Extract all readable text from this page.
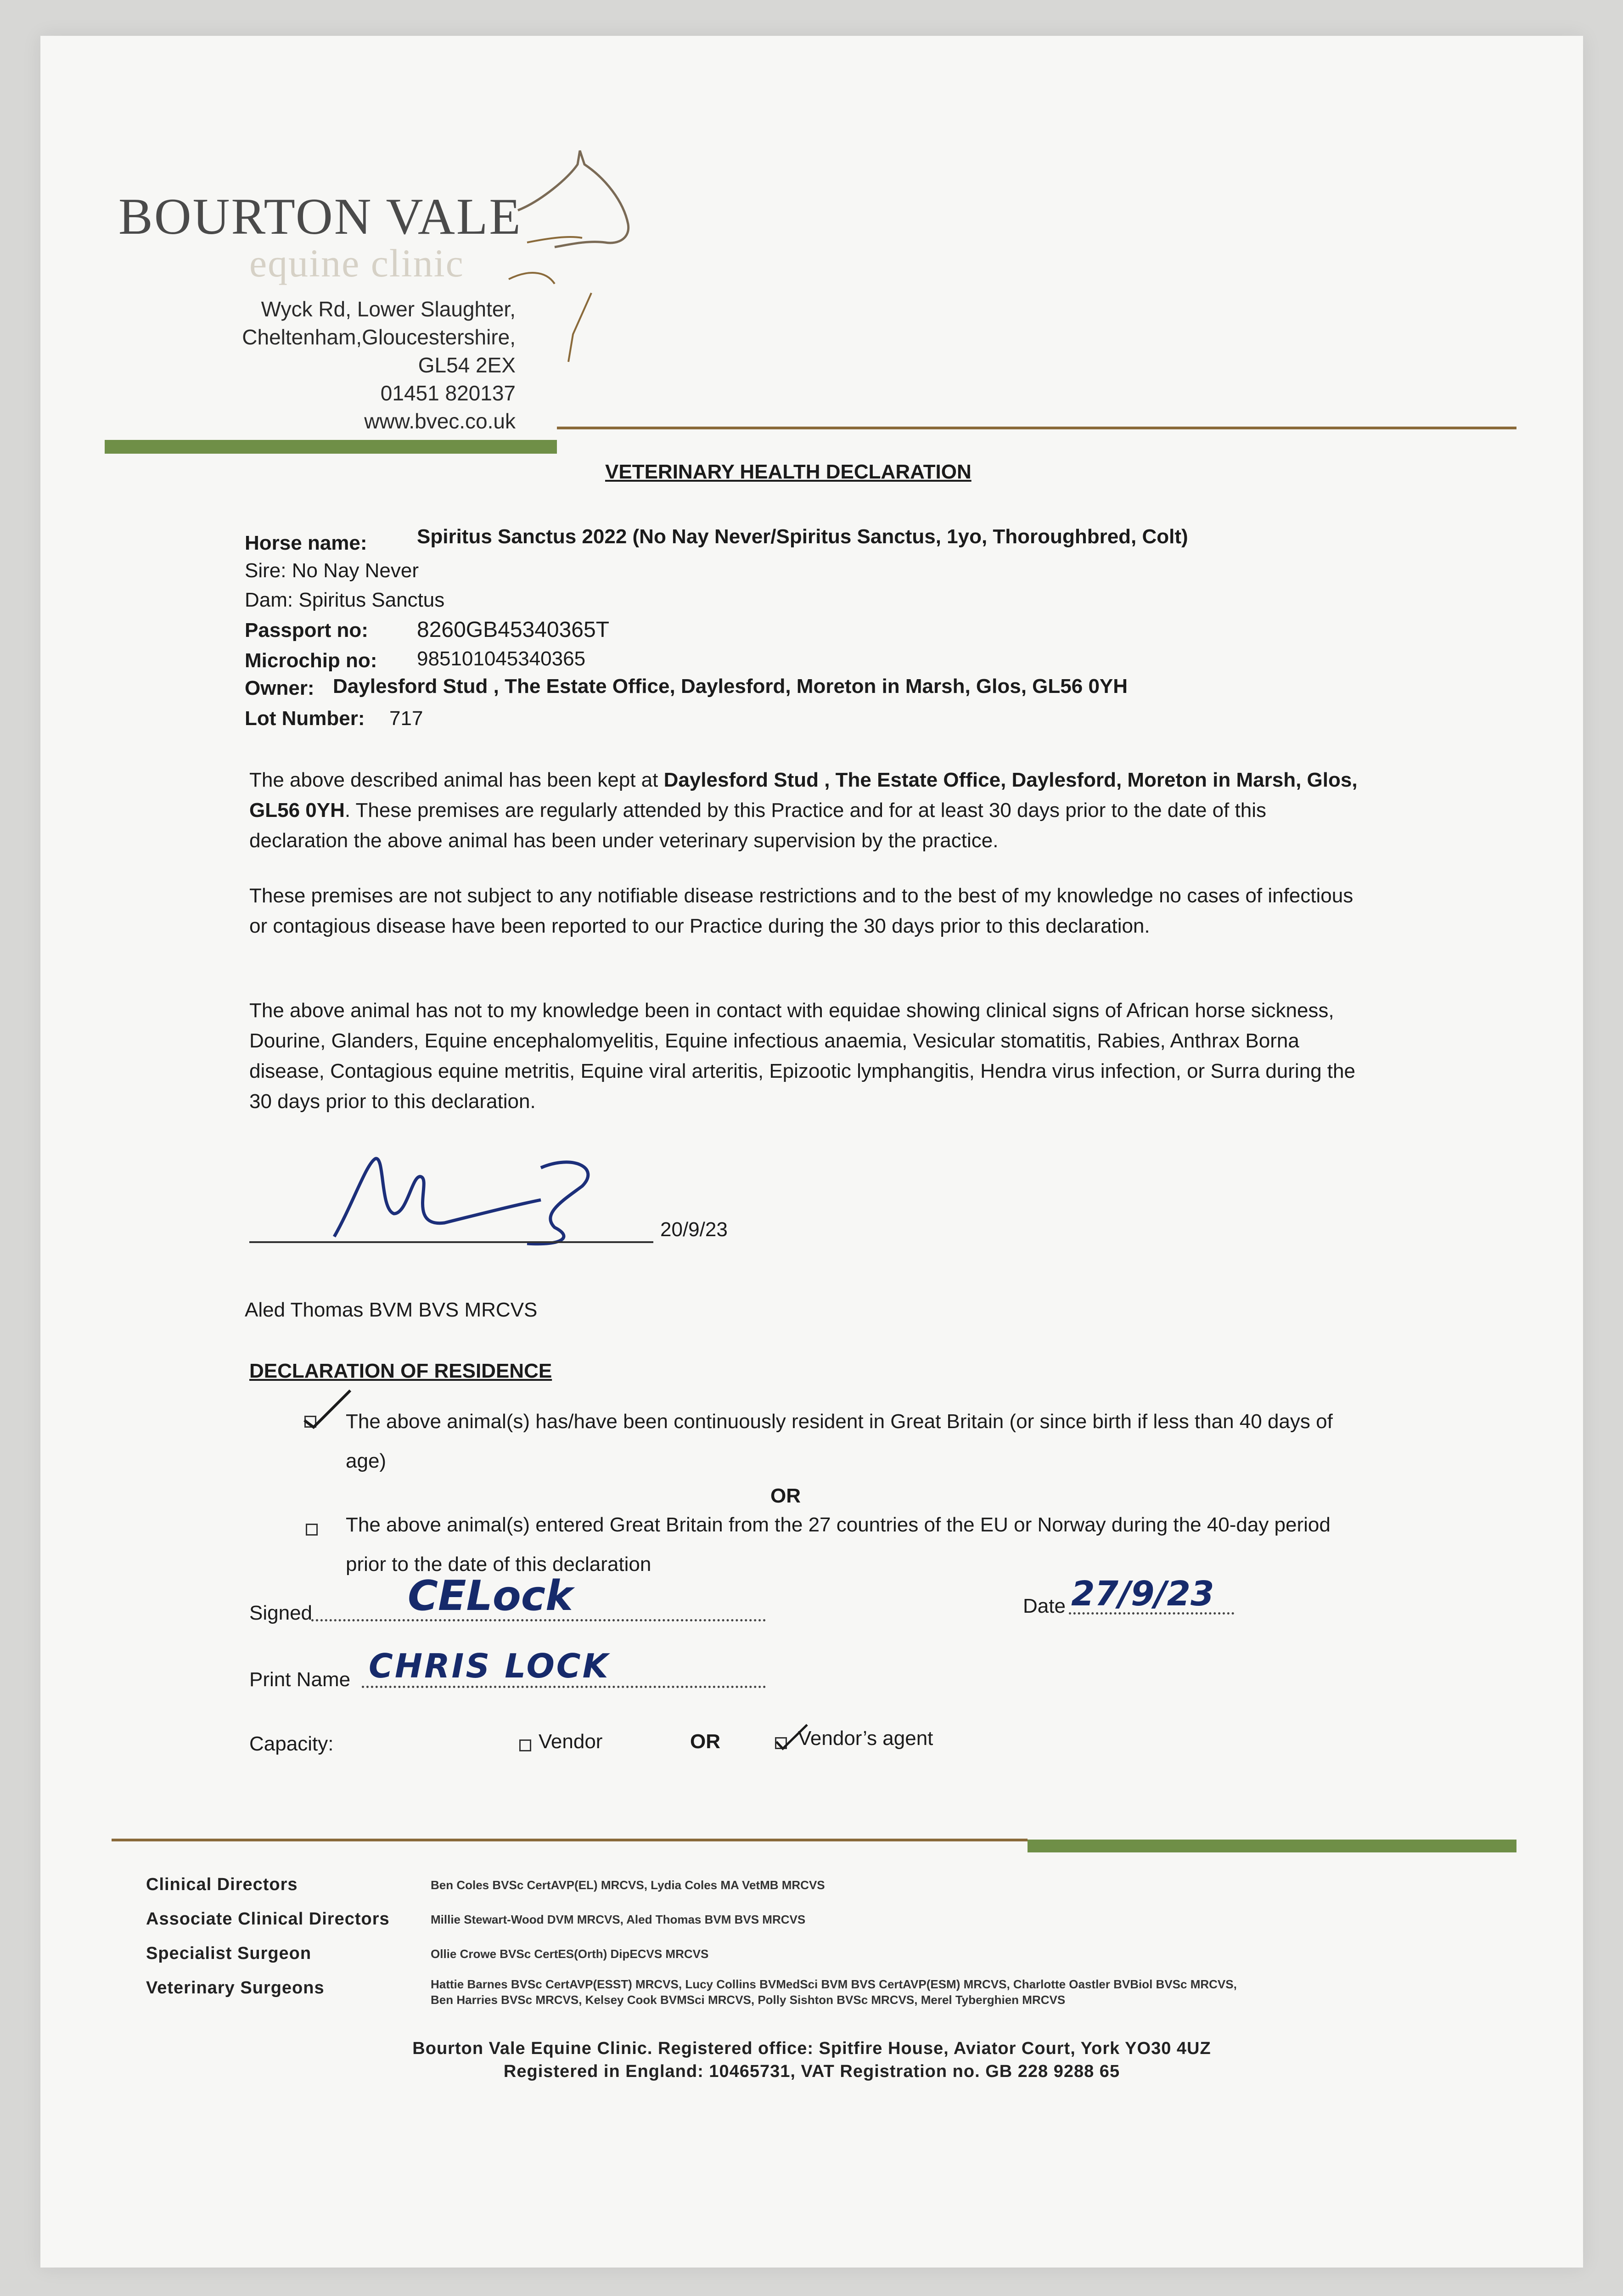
BOURTON VALE
equine clinic
Wyck Rd, Lower Slaughter,
Cheltenham,Gloucestershire,
GL54 2EX
01451 820137
www.bvec.co.uk
VETERINARY HEALTH DECLARATION
Horse name: Spiritus Sanctus 2022 (No Nay Never/Spiritus Sanctus, 1yo, Thoroughbred, Colt)
Sire: No Nay Never
Dam: Spiritus Sanctus
Passport no: 8260GB45340365T
Microchip no: 985101045340365
Owner: Daylesford Stud , The Estate Office, Daylesford, Moreton in Marsh, Glos, GL56 0YH
Lot Number: 717
The above described animal has been kept at Daylesford Stud , The Estate Office, Daylesford, Moreton in Marsh, Glos, GL56 0YH. These premises are regularly attended by this Practice and for at least 30 days prior to the date of this declaration the above animal has been under veterinary supervision by the practice.
These premises are not subject to any notifiable disease restrictions and to the best of my knowledge no cases of infectious or contagious disease have been reported to our Practice during the 30 days prior to this declaration.
The above animal has not to my knowledge been in contact with equidae showing clinical signs of African horse sickness, Dourine, Glanders, Equine encephalomyelitis, Equine infectious anaemia, Vesicular stomatitis, Rabies, Anthrax Borna disease, Contagious equine metritis, Equine viral arteritis, Epizootic lymphangitis, Hendra virus infection, or Surra during the 30 days prior to this declaration.
20/9/23
Aled Thomas BVM BVS MRCVS
DECLARATION OF RESIDENCE
The above animal(s) has/have been continuously resident in Great Britain (or since birth if less than 40 days of age)
OR
The above animal(s) entered Great Britain from the 27 countries of the EU or Norway during the 40-day period prior to the date of this declaration
Signed CELock	Date 27/9/23
Print Name CHRIS LOCK
Capacity:	Vendor	OR	Vendor’s agent
Clinical Directors	Ben Coles BVSc CertAVP(EL) MRCVS, Lydia Coles MA VetMB MRCVS
Associate Clinical Directors	Millie Stewart-Wood DVM MRCVS, Aled Thomas BVM BVS MRCVS
Specialist Surgeon	Ollie Crowe BVSc CertES(Orth) DipECVS MRCVS
Veterinary Surgeons	Hattie Barnes BVSc CertAVP(ESST) MRCVS, Lucy Collins BVMedSci BVM BVS CertAVP(ESM) MRCVS, Charlotte Oastler BVBiol BVSc MRCVS,
Ben Harries BVSc MRCVS, Kelsey Cook BVMSci MRCVS, Polly Sishton BVSc MRCVS, Merel Tyberghien MRCVS
Bourton Vale Equine Clinic. Registered office: Spitfire House, Aviator Court, York YO30 4UZ
Registered in England: 10465731, VAT Registration no. GB 228 9288 65
